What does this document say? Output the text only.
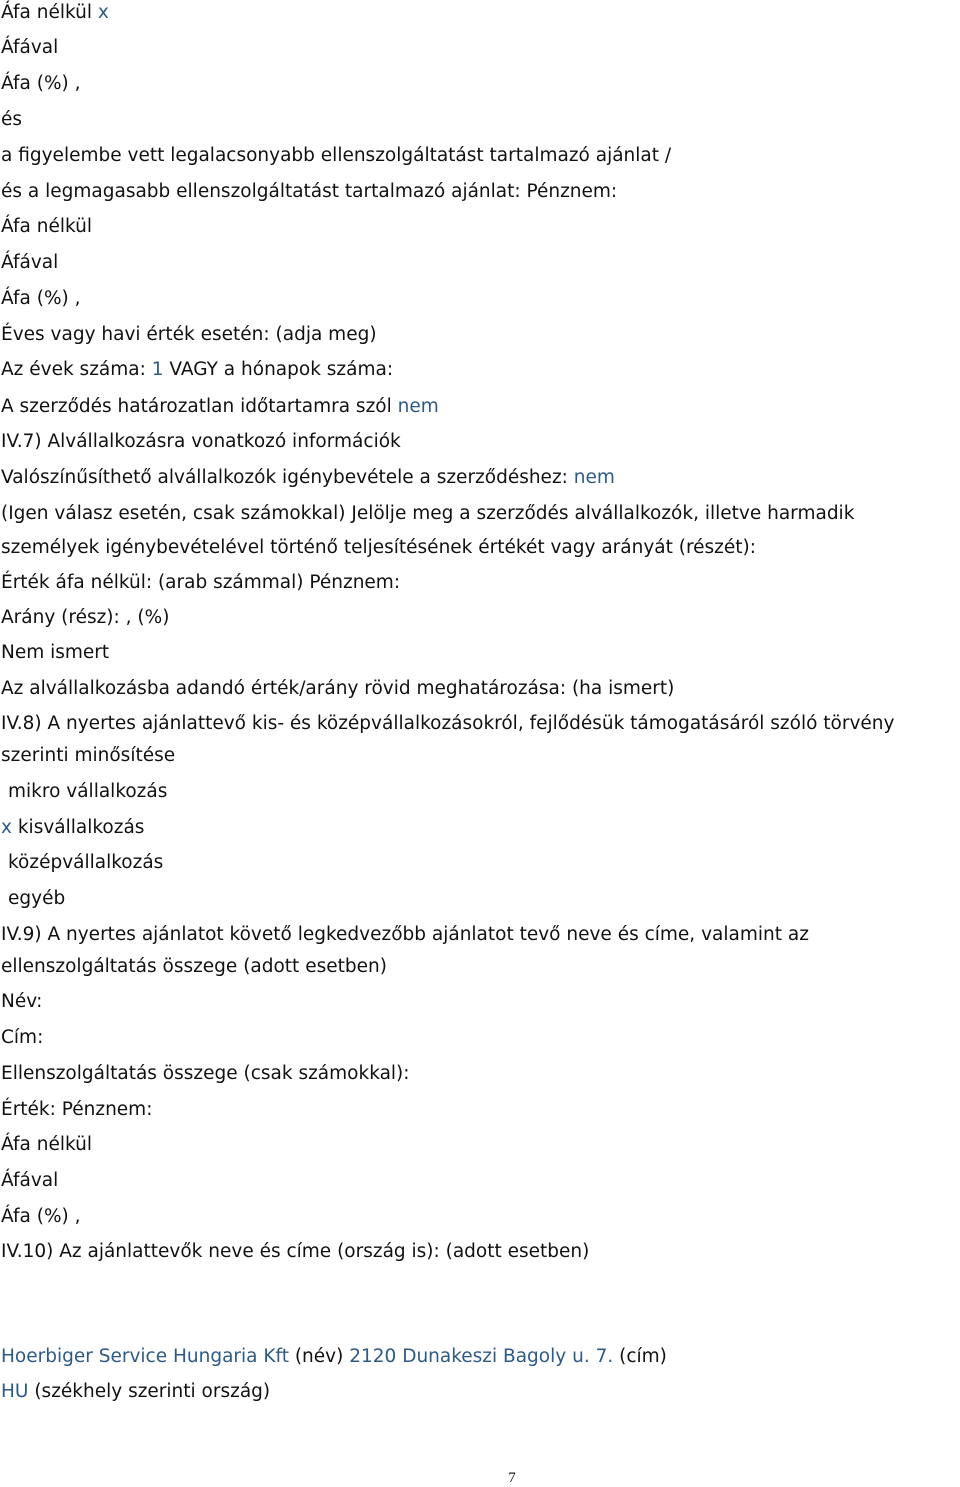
Áfa nélkül x
Áfával
Áfa (%) ,
és
a figyelembe vett legalacsonyabb ellenszolgáltatást tartalmazó ajánlat /
és a legmagasabb ellenszolgáltatást tartalmazó ajánlat: Pénznem:
Áfa nélkül
Áfával
Áfa (%) ,
Éves vagy havi érték esetén: (adja meg)
Az évek száma: 1 VAGY a hónapok száma:
A szerződés határozatlan időtartamra szól nem
IV.7) Alvállalkozásra vonatkozó információk
Valószínűsíthető alvállalkozók igénybevétele a szerződéshez: nem
(Igen válasz esetén, csak számokkal) Jelölje meg a szerződés alvállalkozók, illetve harmadik
személyek igénybevételével történő teljesítésének értékét vagy arányát (részét):
Érték áfa nélkül: (arab számmal) Pénznem:
Arány (rész): , (%)
Nem ismert
Az alvállalkozásba adandó érték/arány rövid meghatározása: (ha ismert)
IV.8) A nyertes ajánlattevő kis- és középvállalkozásokról, fejlődésük támogatásáról szóló törvény
szerinti minősítése
mikro vállalkozás
x kisvállalkozás
középvállalkozás
egyéb
IV.9) A nyertes ajánlatot követő legkedvezőbb ajánlatot tevő neve és címe, valamint az
ellenszolgáltatás összege (adott esetben)
Név:
Cím:
Ellenszolgáltatás összege (csak számokkal):
Érték: Pénznem:
Áfa nélkül
Áfával
Áfa (%) ,
IV.10) Az ajánlattevők neve és címe (ország is): (adott esetben)
Hoerbiger Service Hungaria Kft (név) 2120 Dunakeszi Bagoly u. 7. (cím)
HU (székhely szerinti ország)
7
